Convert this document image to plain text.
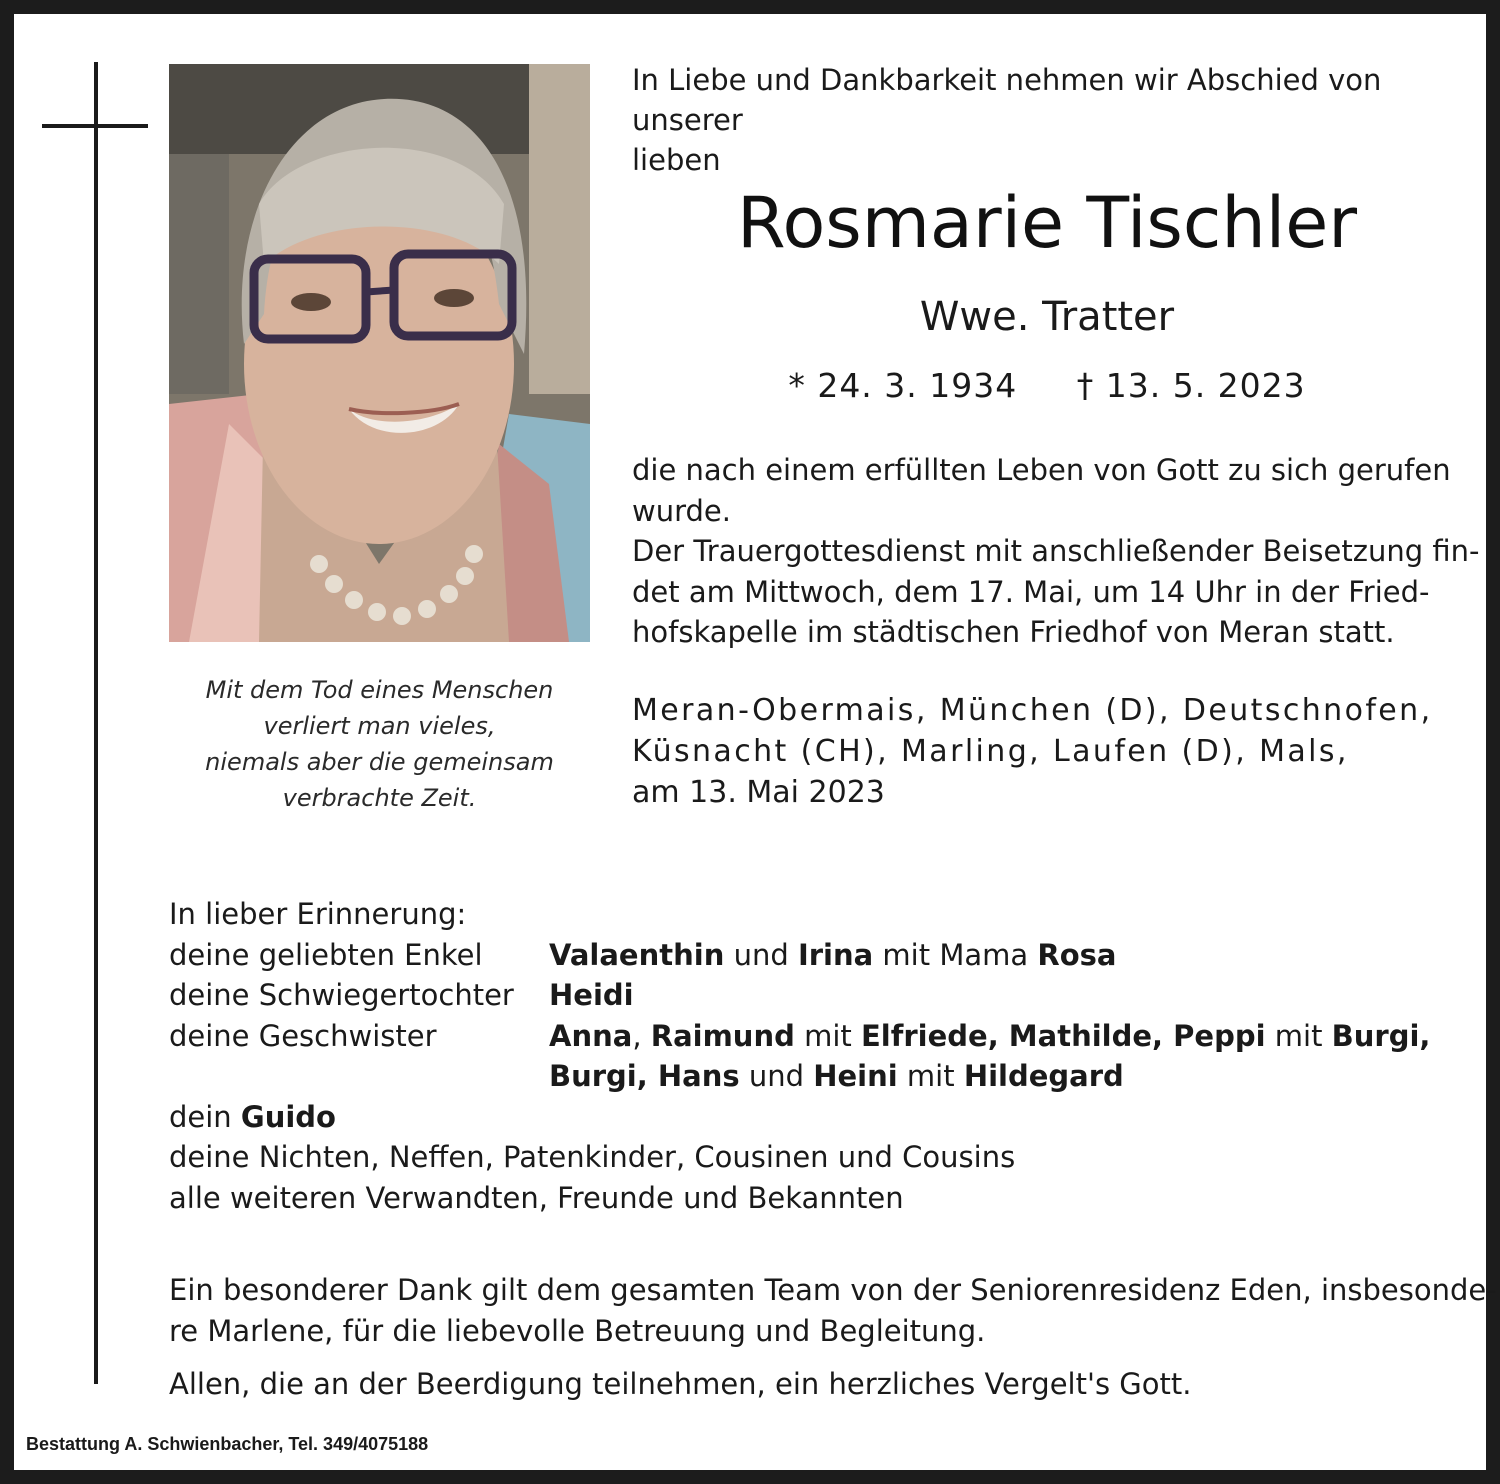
Mit dem Tod eines Menschen
verliert man vieles,
niemals aber die gemeinsam
verbrachte Zeit.
In Liebe und Dankbarkeit nehmen wir Abschied von unserer
lieben
Rosmarie Tischler
Wwe. Tratter
* 24. 3. 1934 † 13. 5. 2023
die nach einem erfüllten Leben von Gott zu sich gerufen
wurde.
Der Trauergottesdienst mit anschließender Beisetzung fin-
det am Mittwoch, dem 17. Mai, um 14 Uhr in der Fried-
hofskapelle im städtischen Friedhof von Meran statt.
Meran-Obermais, München (D), Deutschnofen,
Küsnacht (CH), Marling, Laufen (D), Mals,
am 13. Mai 2023
In lieber Erinnerung:
deine geliebten Enkel	Valaenthin und Irina mit Mama Rosa
deine Schwiegertochter	Heidi
deine Geschwister	Anna, Raimund mit Elfriede, Mathilde, Peppi mit Burgi,
Burgi, Hans und Heini mit Hildegard
dein Guido
deine Nichten, Neffen, Patenkinder, Cousinen und Cousins
alle weiteren Verwandten, Freunde und Bekannten
Ein besonderer Dank gilt dem gesamten Team von der Seniorenresidenz Eden, insbesonde-
re Marlene, für die liebevolle Betreuung und Begleitung.
Allen, die an der Beerdigung teilnehmen, ein herzliches Vergelt's Gott.
Bestattung A. Schwienbacher, Tel. 349/4075188
